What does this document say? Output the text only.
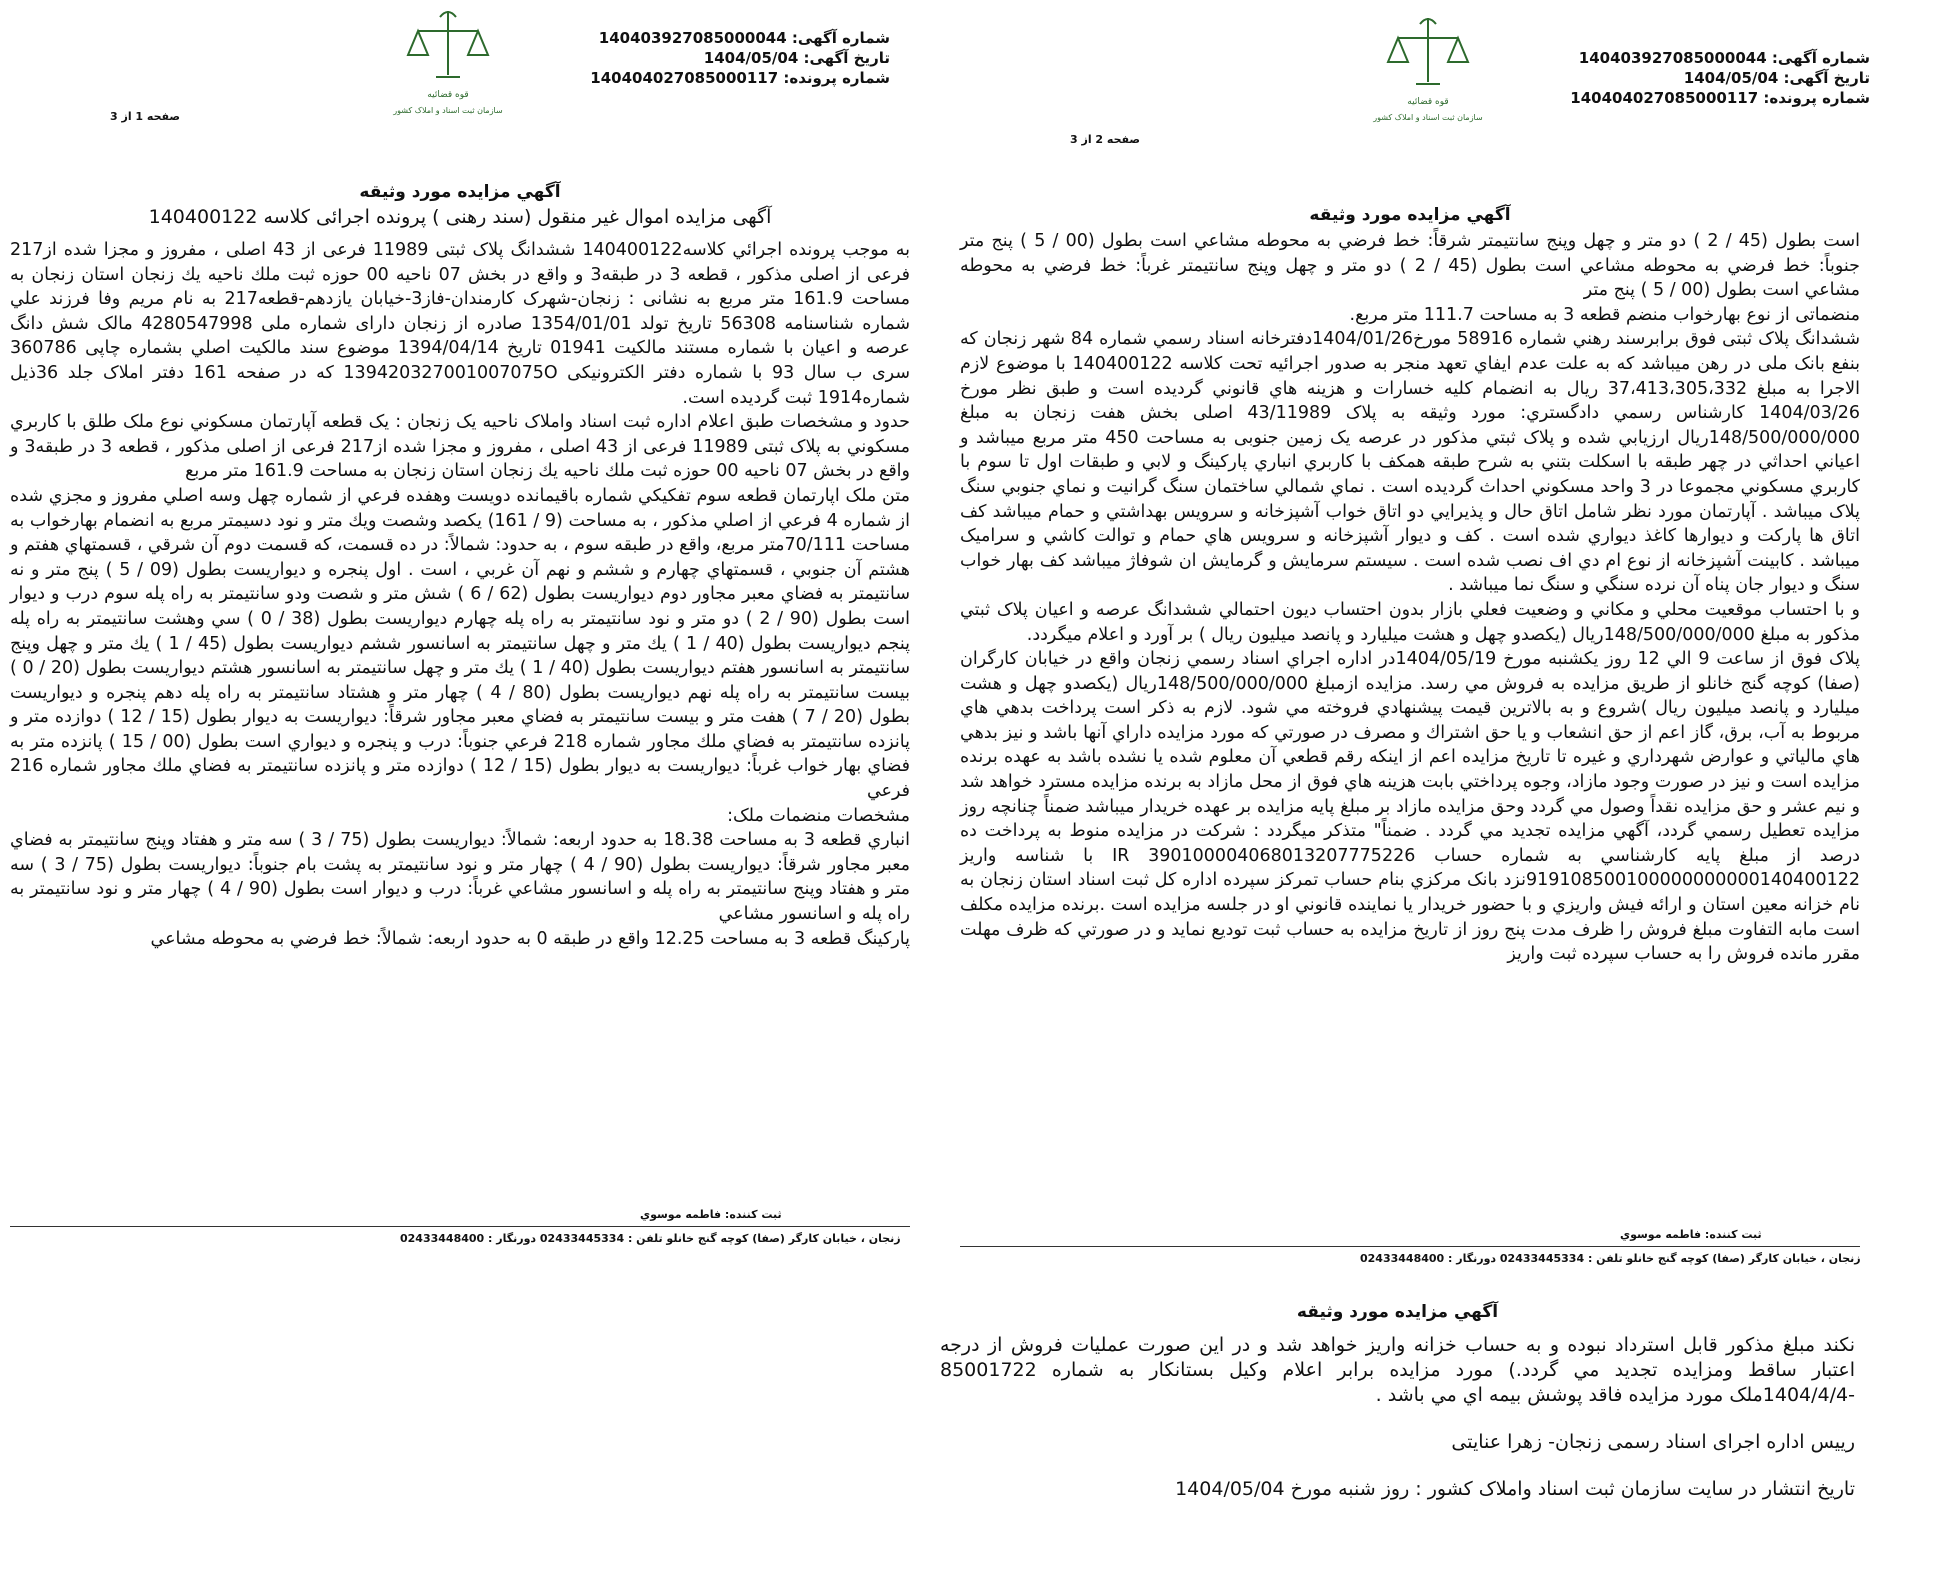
شماره آگهی: 140403927085000044
تاریخ آگهی: 1404/05/04
شماره پرونده: 140404027085000117
قوه قضائیه
سازمان ثبت اسناد و املاک کشور
صفحه 1 از 3
آگهي مزايده مورد وثيقه
آگهی مزایده اموال غیر منقول (سند رهنی ) پرونده اجرائی کلاسه 140400122

به موجب پرونده اجرائي كلاسه140400122 ششدانگ پلاک ثبتی 11989 فرعی از 43 اصلی ، مفروز و مجزا شده از217 فرعی از اصلی مذکور ، قطعه 3 در طبقه3 و واقع در بخش 07 ناحیه 00 حوزه ثبت ملك ناحيه يك زنجان استان زنجان به مساحت 161.9 متر مربع به نشانی : زنجان-شهرک كارمندان-فاز3-خيابان يازدهم-قطعه217 به نام مریم وفا فرزند علي شماره شناسنامه 56308 تاریخ تولد 1354/01/01 صادره از زنجان دارای شماره ملی 4280547998 مالک شش دانگ عرصه و اعیان با شماره مستند مالكيت 01941 تاريخ 1394/04/14 موضوع سند مالكيت اصلي بشماره چاپی 360786 سری ب سال 93 با شماره دفتر الكترونيكى 139420327001007075O كه در صفحه 161 دفتر املاک جلد 36ذیل شماره1914 ثبت گردیده است.

حدود و مشخصات طبق اعلام اداره ثبت اسناد واملاک ناحیه یک زنجان : یک قطعه آپارتمان مسکوني نوع ملک طلق با كاربري مسكوني به پلاک ثبتی 11989 فرعی از 43 اصلی ، مفروز و مجزا شده از217 فرعی از اصلی مذکور ، قطعه 3 در طبقه3 و واقع در بخش 07 ناحیه 00 حوزه ثبت ملك ناحيه يك زنجان استان زنجان به مساحت 161.9 متر مربع

متن ملک اپارتمان قطعه سوم تفكيكي شماره باقيمانده دويست وهفده فرعي از شماره چهل وسه اصلي مفروز و مجزي شده از شماره 4 فرعي از اصلي مذكور ، به مساحت (9 / 161) يكصد وشصت ويك متر و نود دسيمتر مربع به انضمام بهارخواب به مساحت 70/111متر مربع، واقع در طبقه سوم ، به حدود: شمالاً: در ده قسمت، كه قسمت دوم آن شرقي ، قسمتهاي هفتم و هشتم آن جنوبي ، قسمتهاي چهارم و ششم و نهم آن غربي ، است . اول پنجره و ديواريست بطول (09 / 5 ) پنج متر و نه سانتيمتر به فضاي معبر مجاور دوم ديواريست بطول (62 / 6 ) شش متر و شصت ودو سانتيمتر به راه پله سوم درب و ديوار است بطول (90 / 2 ) دو متر و نود سانتيمتر به راه پله چهارم ديواريست بطول (38 / 0 ) سي وهشت سانتيمتر به راه پله پنجم ديواريست بطول (40 / 1 ) يك متر و چهل سانتيمتر به اسانسور ششم ديواريست بطول (45 / 1 ) يك متر و چهل وپنج سانتيمتر به اسانسور هفتم ديواريست بطول (40 / 1 ) يك متر و چهل سانتيمتر به اسانسور هشتم ديواريست بطول (20 / 0 ) بيست سانتيمتر به راه پله نهم ديواريست بطول (80 / 4 ) چهار متر و هشتاد سانتيمتر به راه پله دهم پنجره و ديواريست بطول (20 / 7 ) هفت متر و بيست سانتيمتر به فضاي معبر مجاور شرقاً: ديواريست به ديوار بطول (15 / 12 ) دوازده متر و پانزده سانتيمتر به فضاي ملك مجاور شماره 218 فرعي جنوباً: درب و پنجره و ديواري است بطول (00 / 15 ) پانزده متر به فضاي بهار خواب غرباً: ديواريست به ديوار بطول (15 / 12 ) دوازده متر و پانزده سانتيمتر به فضاي ملك مجاور شماره 216 فرعي

مشخصات منضمات ملک:

انباري قطعه 3 به مساحت 18.38 به حدود اربعه: شمالاً: ديواريست بطول (75 / 3 ) سه متر و هفتاد وپنج سانتيمتر به فضاي معبر مجاور شرقاً: ديواريست بطول (90 / 4 ) چهار متر و نود سانتيمتر به پشت بام جنوباً: ديواريست بطول (75 / 3 ) سه متر و هفتاد وپنج سانتيمتر به راه پله و اسانسور مشاعي غرباً: درب و ديوار است بطول (90 / 4 ) چهار متر و نود سانتيمتر به راه پله و اسانسور مشاعي

پاركينگ قطعه 3 به مساحت 12.25 واقع در طبقه 0 به حدود اربعه: شمالاً: خط فرضي به محوطه مشاعي

ثبت کننده: فاطمه موسوي
زنجان ، خیابان کارگر (صفا) کوچه گنج خانلو تلفن : 02433445334 دورنگار : 02433448400
شماره آگهی: 140403927085000044
تاریخ آگهی: 1404/05/04
شماره پرونده: 140404027085000117
قوه قضائیه
سازمان ثبت اسناد و املاک کشور
صفحه 2 از 3
آگهي مزايده مورد وثيقه

است بطول (45 / 2 ) دو متر و چهل وپنج سانتيمتر شرقاً: خط فرضي به محوطه مشاعي است بطول (00 / 5 ) پنج متر جنوباً: خط فرضي به محوطه مشاعي است بطول (45 / 2 ) دو متر و چهل وپنج سانتيمتر غرباً: خط فرضي به محوطه مشاعي است بطول (00 / 5 ) پنج متر

منضماتی از نوع بهارخواب منضم قطعه 3 به مساحت 111.7 متر مربع.

ششدانگ پلاک ثبتی فوق برابرسند رهني شماره 58916 مورخ1404/01/26دفترخانه اسناد رسمي شماره 84 شهر زنجان كه بنفع بانک ملی در رهن ميباشد كه به علت عدم ايفاي تعهد منجر به صدور اجرائيه تحت كلاسه 140400122 با موضوع لازم الاجرا به مبلغ 37،413،305،332 ريال به انضمام كليه خسارات و هزينه هاي قانوني گرديده است و طبق نظر مورخ 1404/03/26 كارشناس رسمي دادگستري: مورد وثيقه به پلاک 43/11989 اصلی بخش هفت زنجان به مبلغ 148/500/000/000ريال ارزيابي شده و پلاک ثبتي مذكور در عرصه يک زمين جنوبی به مساحت 450 متر مربع ميباشد و اعياني احداثي در چهر طبقه با اسكلت بتني به شرح طبقه همكف با كاربري انباري پاركينگ و لابي و طبقات اول تا سوم با كاربري مسكوني مجموعا در 3 واحد مسكوني احداث گرديده است . نماي شمالي ساختمان سنگ گرانيت و نماي جنوبي سنگ پلاک ميباشد . آپارتمان مورد نظر شامل اتاق حال و پذيرايي دو اتاق خواب آشپزخانه و سرويس بهداشتي و حمام ميباشد كف اتاق ها پاركت و ديوارها كاغذ ديواري شده است . كف و ديوار آشپزخانه و سرويس هاي حمام و توالت كاشي و سراميک ميباشد . كابينت آشپزخانه از نوع ام دي اف نصب شده است . سيستم سرمايش و گرمايش ان شوفاژ ميباشد كف بهار خواب سنگ و ديوار جان پناه آن نرده سنگي و سنگ نما ميباشد .

و با احتساب موقعيت محلي و مكاني و وضعيت فعلي بازار بدون احتساب ديون احتمالي ششدانگ عرصه و اعيان پلاک ثبتي مذكور به مبلغ 148/500/000/000ريال (يكصدو چهل و هشت ميليارد و پانصد ميليون ريال ) بر آورد و اعلام ميگردد.

پلاک فوق از ساعت 9 الي 12 روز يكشنبه مورخ 1404/05/19در اداره اجراي اسناد رسمي زنجان واقع در خيابان كارگران (صفا) كوچه گنج خانلو از طريق مزايده به فروش مي رسد. مزايده ازمبلغ 148/500/000/000ريال (يكصدو چهل و هشت ميليارد و پانصد ميليون ريال )شروع و به بالاترين قيمت پيشنهادي فروخته مي شود. لازم به ذكر است پرداخت بدهي هاي مربوط به آب، برق، گاز اعم از حق انشعاب و يا حق اشتراك و مصرف در صورتي كه مورد مزايده داراي آنها باشد و نيز بدهي هاي مالياتي و عوارض شهرداري و غيره تا تاريخ مزايده اعم از اينكه رقم قطعي آن معلوم شده يا نشده باشد به عهده برنده مزايده است و نيز در صورت وجود مازاد، وجوه پرداختي بابت هزينه هاي فوق از محل مازاد به برنده مزايده مسترد خواهد شد و نيم عشر و حق مزايده نقداً وصول مي گردد وحق مزايده مازاد بر مبلغ پايه مزايده بر عهده خريدار ميباشد ضمناً چنانچه روز مزايده تعطيل رسمي گردد، آگهي مزايده تجديد مي گردد . ضمناً" متذكر ميگردد : شركت در مزايده منوط به پرداخت ده درصد از مبلغ پايه كارشناسي به شماره حساب IR 390100004068013207775226 با شناسه واريز 919108500100000000000140400122نزد بانک مركزي بنام حساب تمركز سپرده اداره كل ثبت اسناد استان زنجان به نام خزانه معين استان و ارائه فيش واريزي و با حضور خريدار يا نماينده قانوني او در جلسه مزايده است .برنده مزايده مكلف است مابه التفاوت مبلغ فروش را ظرف مدت پنج روز از تاريخ مزايده به حساب ثبت توديع نمايد و در صورتي كه ظرف مهلت مقرر مانده فروش را به حساب سپرده ثبت واريز

ثبت کننده: فاطمه موسوي
زنجان ، خیابان کارگر (صفا) کوچه گنج خانلو تلفن : 02433445334 دورنگار : 02433448400
آگهي مزايده مورد وثيقه
نكند مبلغ مذكور قابل استرداد نبوده و به حساب خزانه واريز خواهد شد و در اين صورت عمليات فروش از درجه اعتبار ساقط ومزايده تجديد مي گردد.) مورد مزايده برابر اعلام وكيل بستانكار به شماره 85001722 -1404/4/4ملک مورد مزايده فاقد پوشش بيمه اي مي باشد .
رییس اداره اجرای اسناد رسمی زنجان- زهرا عنایتی
تاریخ انتشار در سایت سازمان ثبت اسناد واملاک کشور : روز شنبه مورخ 1404/05/04
